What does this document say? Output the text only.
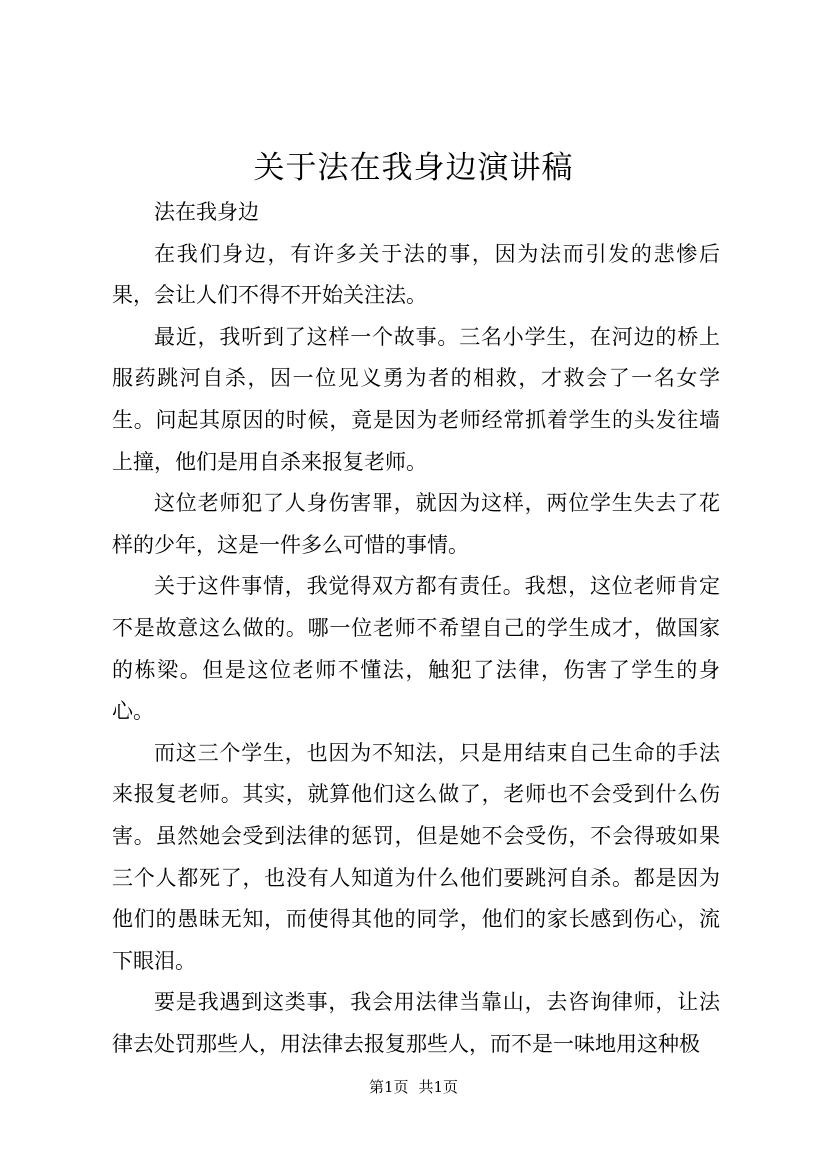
关于法在我身边演讲稿

法在我身边

在我们身边，有许多关于法的事，因为法而引发的悲惨后果，会让人们不得不开始关注法。

最近，我听到了这样一个故事。三名小学生，在河边的桥上服药跳河自杀，因一位见义勇为者的相救，才救会了一名女学生。问起其原因的时候，竟是因为老师经常抓着学生的头发往墙上撞，他们是用自杀来报复老师。

这位老师犯了人身伤害罪，就因为这样，两位学生失去了花样的少年，这是一件多么可惜的事情。

关于这件事情，我觉得双方都有责任。我想，这位老师肯定不是故意这么做的。哪一位老师不希望自己的学生成才，做国家的栋梁。但是这位老师不懂法，触犯了法律，伤害了学生的身心。

而这三个学生，也因为不知法，只是用结束自己生命的手法来报复老师。其实，就算他们这么做了，老师也不会受到什么伤害。虽然她会受到法律的惩罚，但是她不会受伤，不会得玻如果三个人都死了，也没有人知道为什么他们要跳河自杀。都是因为他们的愚昧无知，而使得其他的同学，他们的家长感到伤心，流下眼泪。

要是我遇到这类事，我会用法律当靠山，去咨询律师，让法律去处罚那些人，用法律去报复那些人，而不是一味地用这种极

第1页 共1页
